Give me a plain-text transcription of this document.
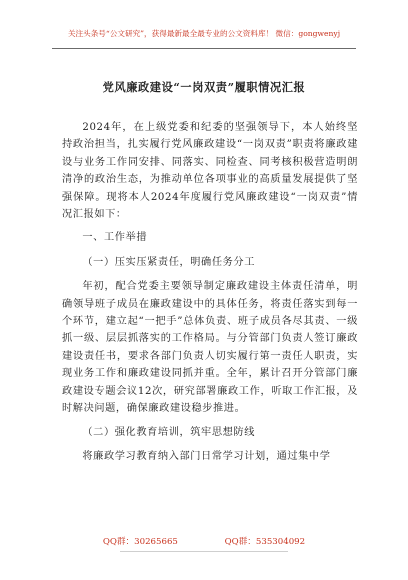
关注头条号“公文研究”，获得最新最全最专业的公文资料库！ 微信：gongwenyj
党风廉政建设“一岗双责”履职情况汇报

2024年，在上级党委和纪委的坚强领导下，本人始终坚持政治担当，扎实履行党风廉政建设“一岗双责”职责将廉政建设与业务工作同安排、同落实、同检查、同考核积极营造明朗清净的政治生态，为推动单位各项事业的高质量发展提供了坚强保障。现将本人2024年度履行党风廉政建设“一岗双责”情况汇报如下：

一、工作举措

（一）压实压紧责任，明确任务分工

年初，配合党委主要领导制定廉政建设主体责任清单，明确领导班子成员在廉政建设中的具体任务，将责任落实到每一个环节，建立起“一把手”总体负责、班子成员各尽其责、一级抓一级、层层抓落实的工作格局。与分管部门负责人签订廉政建设责任书，要求各部门负责人切实履行第一责任人职责，实现业务工作和廉政建设同抓并重。全年，累计召开分管部门廉政建设专题会议12次，研究部署廉政工作，听取工作汇报，及时解决问题，确保廉政建设稳步推进。

（二）强化教育培训，筑牢思想防线

将廉政学习教育纳入部门日常学习计划，通过集中学

QQ群：30265665	QQ群：535304092
